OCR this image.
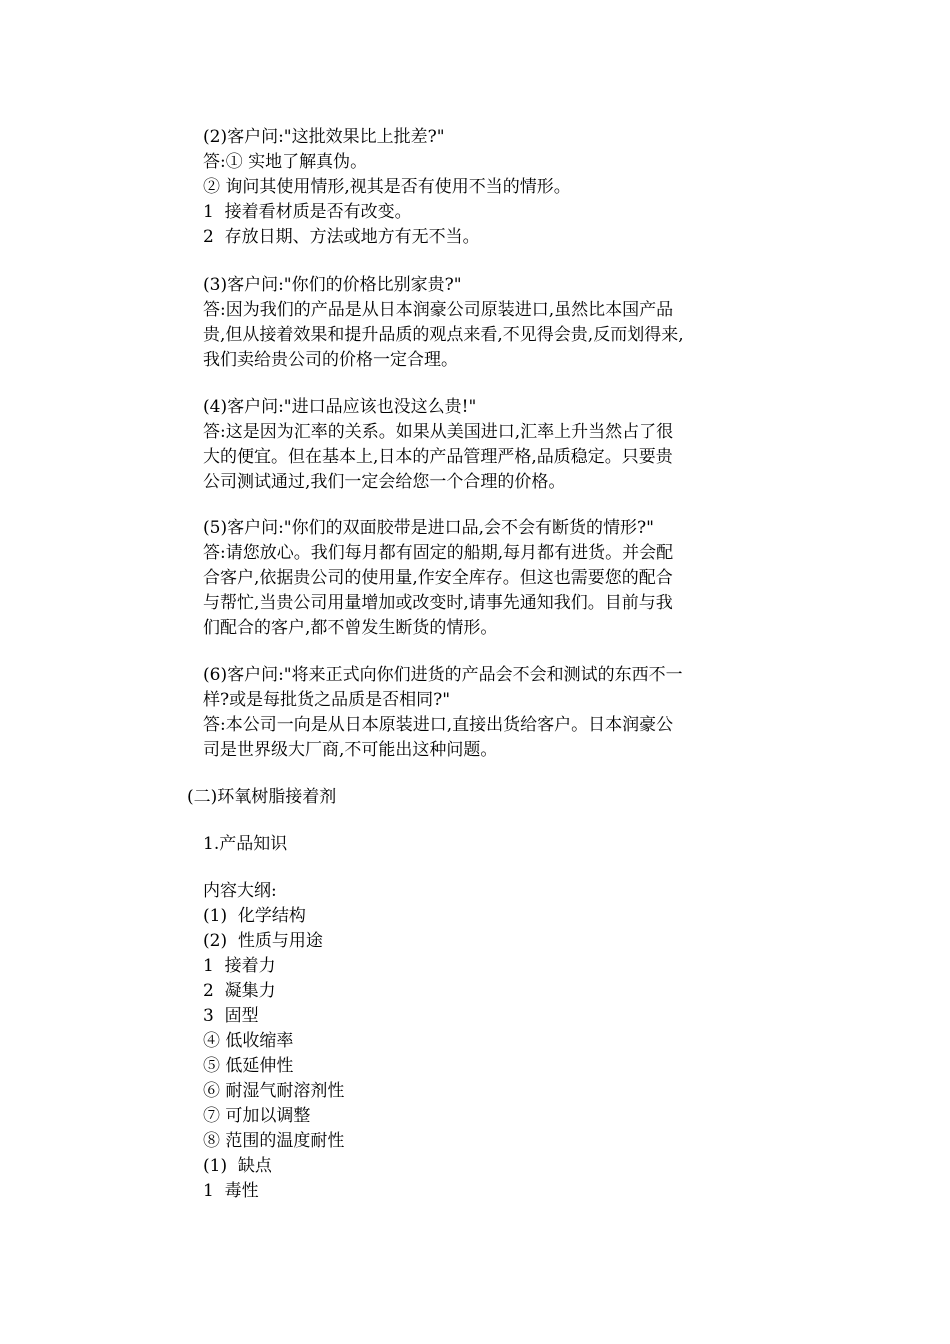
(2)客户问:"这批效果比上批差?"
答:① 实地了解真伪。
② 询问其使用情形,视其是否有使用不当的情形。
1  接着看材质是否有改变。
2  存放日期、方法或地方有无不当。
(3)客户问:"你们的价格比别家贵?"
答:因为我们的产品是从日本润豪公司原装进口,虽然比本国产品
贵,但从接着效果和提升品质的观点来看,不见得会贵,反而划得来,
我们卖给贵公司的价格一定合理。
(4)客户问:"进口品应该也没这么贵!"
答:这是因为汇率的关系。如果从美国进口,汇率上升当然占了很
大的便宜。但在基本上,日本的产品管理严格,品质稳定。只要贵
公司测试通过,我们一定会给您一个合理的价格。
(5)客户问:"你们的双面胶带是进口品,会不会有断货的情形?"
答:请您放心。我们每月都有固定的船期,每月都有进货。并会配
合客户,依据贵公司的使用量,作安全库存。但这也需要您的配合
与帮忙,当贵公司用量增加或改变时,请事先通知我们。目前与我
们配合的客户,都不曾发生断货的情形。
(6)客户问:"将来正式向你们进货的产品会不会和测试的东西不一
样?或是每批货之品质是否相同?"
答:本公司一向是从日本原装进口,直接出货给客户。日本润豪公
司是世界级大厂商,不可能出这种问题。
(二)环氧树脂接着剂
1.产品知识
内容大纲:
(1)  化学结构
(2)  性质与用途
1  接着力
2  凝集力
3  固型
④ 低收缩率
⑤ 低延伸性
⑥ 耐湿气耐溶剂性
⑦ 可加以调整
⑧ 范围的温度耐性
(1)  缺点
1  毒性
